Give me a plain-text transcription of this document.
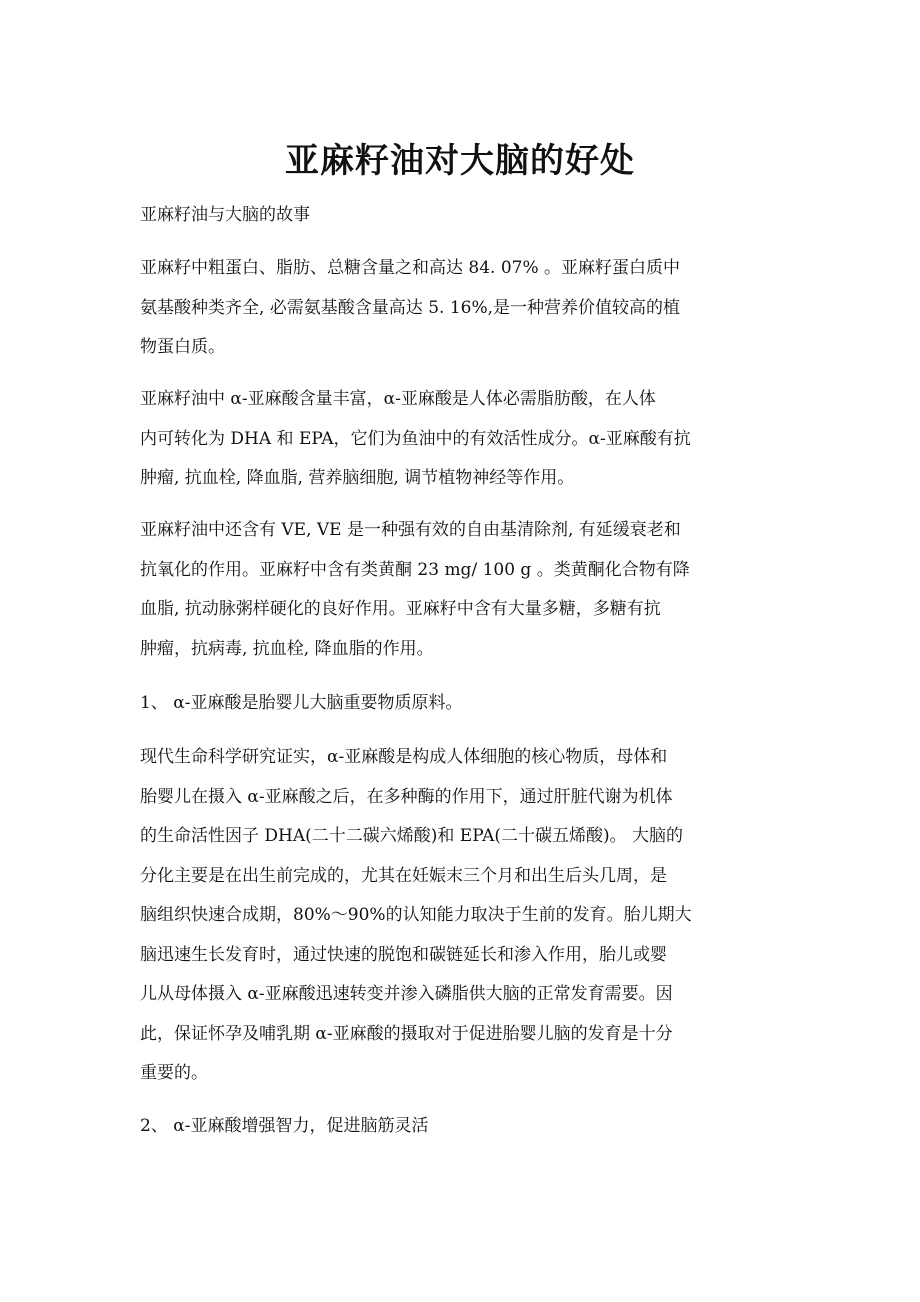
亚麻籽油对大脑的好处

亚麻籽油与大脑的故事

亚麻籽中粗蛋白、脂肪、总糖含量之和高达 84. 07% 。亚麻籽蛋白质中
氨基酸种类齐全, 必需氨基酸含量高达 5. 16%,是一种营养价值较高的植
物蛋白质。

亚麻籽油中 α-亚麻酸含量丰富，α-亚麻酸是人体必需脂肪酸，在人体
内可转化为 DHA 和 EPA，它们为鱼油中的有效活性成分。α-亚麻酸有抗
肿瘤, 抗血栓, 降血脂, 营养脑细胞, 调节植物神经等作用。

亚麻籽油中还含有 VE, VE 是一种强有效的自由基清除剂, 有延缓衰老和
抗氧化的作用。亚麻籽中含有类黄酮 23 mg/ 100 g 。类黄酮化合物有降
血脂, 抗动脉粥样硬化的良好作用。亚麻籽中含有大量多糖，多糖有抗
肿瘤，抗病毒, 抗血栓, 降血脂的作用。

1、 α-亚麻酸是胎婴儿大脑重要物质原料。

现代生命科学研究证实，α-亚麻酸是构成人体细胞的核心物质，母体和
胎婴儿在摄入 α-亚麻酸之后，在多种酶的作用下，通过肝脏代谢为机体
的生命活性因子 DHA(二十二碳六烯酸)和 EPA(二十碳五烯酸)。 大脑的
分化主要是在出生前完成的，尤其在妊娠末三个月和出生后头几周，是
脑组织快速合成期，80%～90%的认知能力取决于生前的发育。胎儿期大
脑迅速生长发育时，通过快速的脱饱和碳链延长和渗入作用，胎儿或婴
儿从母体摄入 α-亚麻酸迅速转变并渗入磷脂供大脑的正常发育需要。因
此，保证怀孕及哺乳期 α-亚麻酸的摄取对于促进胎婴儿脑的发育是十分
重要的。

2、 α-亚麻酸增强智力，促进脑筋灵活
